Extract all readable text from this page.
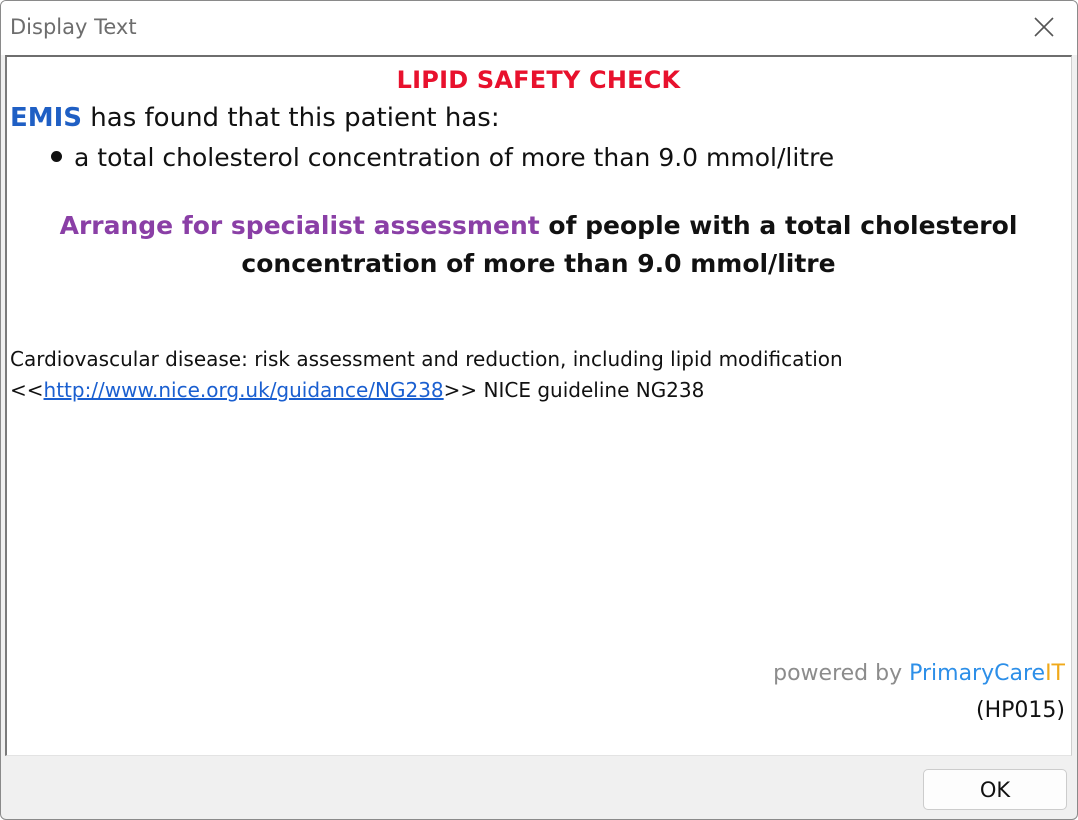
Display Text
LIPID SAFETY CHECK
EMIS has found that this patient has:
a total cholesterol concentration of more than 9.0 mmol/litre
Arrange for specialist assessment of people with a total cholesterol
concentration of more than 9.0 mmol/litre
Cardiovascular disease: risk assessment and reduction, including lipid modification
<<http://www.nice.org.uk/guidance/NG238>> NICE guideline NG238
powered by PrimaryCareIT
(HP015)
OK
